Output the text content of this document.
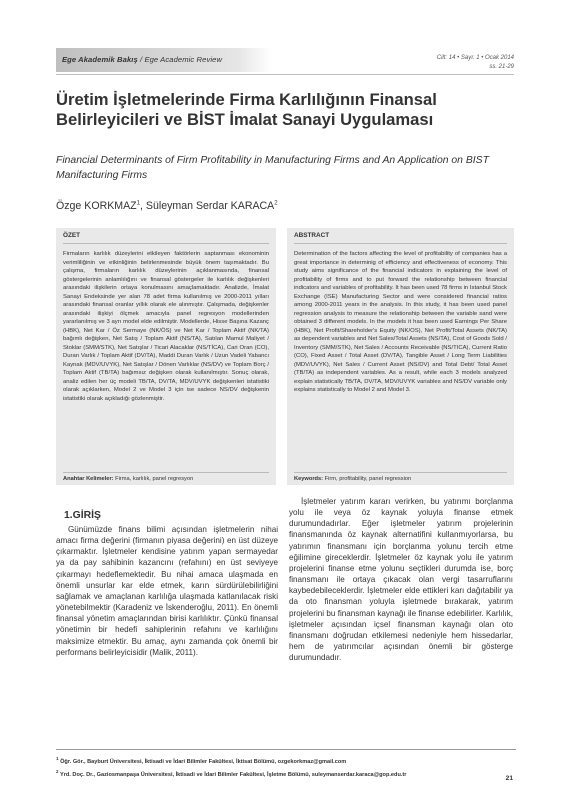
Ege Akademik Bakış / Ege Academic Review	Cilt: 14 • Sayı: 1 • Ocak 2014
ss. 21-29
Üretim İşletmelerinde Firma Karlılığının Finansal Belirleyicileri ve BİST İmalat Sanayi Uygulaması
Financial Determinants of Firm Profitability in Manufacturing Firms and An Application on BIST Manifacturing Firms
Özge KORKMAZ$^1$, Süleyman Serdar KARACA$^2$
ÖZET
Firmaların karlılık düzeylerini etkileyen faktörlerin saptanması ekonominin verimliliğinin ve etkinliğinin belirlenmesinde büyük önem taşımaktadır. Bu çalışma, firmaların karlılık düzeylerinin açıklanmasında, finansal göstergelerinin anlamlılığını ve finansal göstergeler ile karlılık değişkenleri arasındaki ilişkilerin ortaya konulmasını amaçlamaktadır. Analizde, İmalat Sanayi Endeksinde yer alan 78 adet firma kullanılmış ve 2000-2011 yılları arasındaki finansal oranlar yıllık olarak ele alınmıştır. Çalışmada, değişkenler arasındaki ilişkiyi ölçmek amacıyla panel regresyon modellerinden yararlanılmış ve 3 ayrı model elde edilmiştir. Modellerde, Hisse Başına Kazanç (HBK), Net Kar / Öz Sermaye (NK/ÖS) ve Net Kar / Toplam Aktif (NK/TA) bağımlı değişken, Net Satış / Toplam Aktif (NS/TA), Satılan Mamul Maliyet / Stoklar (SMM/STK), Net Satışlar / Ticari Alacaklar (NS/TİCA), Cari Oran (CO), Duran Varlık / Toplam Aktif (DV/TA), Maddi Duran Varlık / Uzun Vadeli Yabancı Kaynak (MDV/UVYK), Net Satışlar / Dönen Varlıklar (NS/DV) ve Toplam Borç / Toplam Aktif (TB/TA) bağımsız değişken olarak kullanılmıştır. Sonuç olarak, analiz edilen her üç modeli TB/TA, DV/TA, MDV/UVYK değişkenleri istatistiki olarak açıklarken, Model 2 ve Model 3 için ise sadece NS/DV değişkenin istatistiki olarak açıkladığı gözlenmiştir.
Anahtar Kelimeler: Firma, karlılık, panel regresyon
ABSTRACT
Determination of the factors affecting the level of profitability of companies has a great importance in determinig of efficiency and effectiveness of economy. This study aims significance of the financial indicators in explaining the level of profitability of firms and to put forward the relationship between financial indicators and variables of profitability. It has been used 78 firms in Istanbul Stock Exchange (ISE) Manufacturing Sector and were considered financial ratios among 2000-2011 years in the analysis. In this study, it has been used panel regression analysis to measure the relationship between the variable sand were obtained 3 different models. In the models it has been used Earnings Per Share (HBK), Net Profit/Shareholder's Equity (NK/OS), Net Profit/Total Assets (NK/TA) as dependent variables and Net Sales/Total Assets (NS/TA), Cost of Goods Sold / Inventory (SMM/STK), Net Sales / Accounts Receivable (NS/TICA), Current Ratio (CO), Fixed Asset / Total Asset (DV/TA), Tangible Asset / Long Term Liabilities (MDV/UVYK), Net Sales / Current Asset (NS/DV) and Total Debt/ Total Asset (TB/TA) as independent variables. As a result, while each 3 models analyzed explain statistically TB/TA, DV/TA, MDV/UVYK variables and NS/DV variable only explains statistically to Model 2 and Model 3.
Keywords: Firm, profitability, panel regression
1.GİRİŞ

Günümüzde finans bilimi açısından işletmelerin nihai amacı firma değerini (firmanın piyasa değerini) en üst düzeye çıkarmaktır. İşletmeler kendisine yatırım yapan sermayedar ya da pay sahibinin kazancını (refahını) en üst seviyeye çıkarmayı hedeflemektedir. Bu nihai amaca ulaşmada en önemli unsurlar kar elde etmek, karın sürdürülebilirliğini sağlamak ve amaçlanan karlılığa ulaşmada katlanılacak riski yönetebilmektir (Karadeniz ve İskenderoğlu, 2011). En önemli finansal yönetim amaçlarından birisi karlılıktır. Çünkü finansal yönetimin bir hedefi sahiplerinin refahını ve karlılığını maksimize etmektir. Bu amaç, aynı zamanda çok önemli bir performans belirleyicisidir (Malik, 2011).

İşletmeler yatırım kararı verirken, bu yatırımı borçlanma yolu ile veya öz kaynak yoluyla finanse etmek durumundadırlar. Eğer işletmeler yatırım projelerinin finansmanında öz kaynak alternatifini kullanmıyorlarsa, bu yatırımın finansmanı için borçlanma yolunu tercih etme eğilimine gireceklerdir. İşletmeler öz kaynak yolu ile yatırım projelerini finanse etme yolunu seçtikleri durumda ise, borç finansmanı ile ortaya çıkacak olan vergi tasarruflarını kaybedebileceklerdir. İşletmeler elde ettikleri karı dağıtabilir ya da oto finansman yoluyla işletmede bırakarak, yatırım projelerini bu finansman kaynağı ile finanse edebilirler. Karlılık, işletmeler açısından içsel finansman kaynağı olan oto finansmanı doğrudan etkilemesi nedeniyle hem hissedarlar, hem de yatırımcılar açısından önemli bir gösterge durumundadır.

$^1$ Öğr. Gör., Bayburt Üniversitesi, İktisadi ve İdari Bilimler Fakültesi, İktisat Bölümü, ozgekorkmaz@gmail.com
$^2$ Yrd. Doç. Dr., Gaziosmanpaşa Üniversitesi, İktisadi ve İdari Bilimler Fakültesi, İşletme Bölümü, suleymanserdar.karaca@gop.edu.tr
21
